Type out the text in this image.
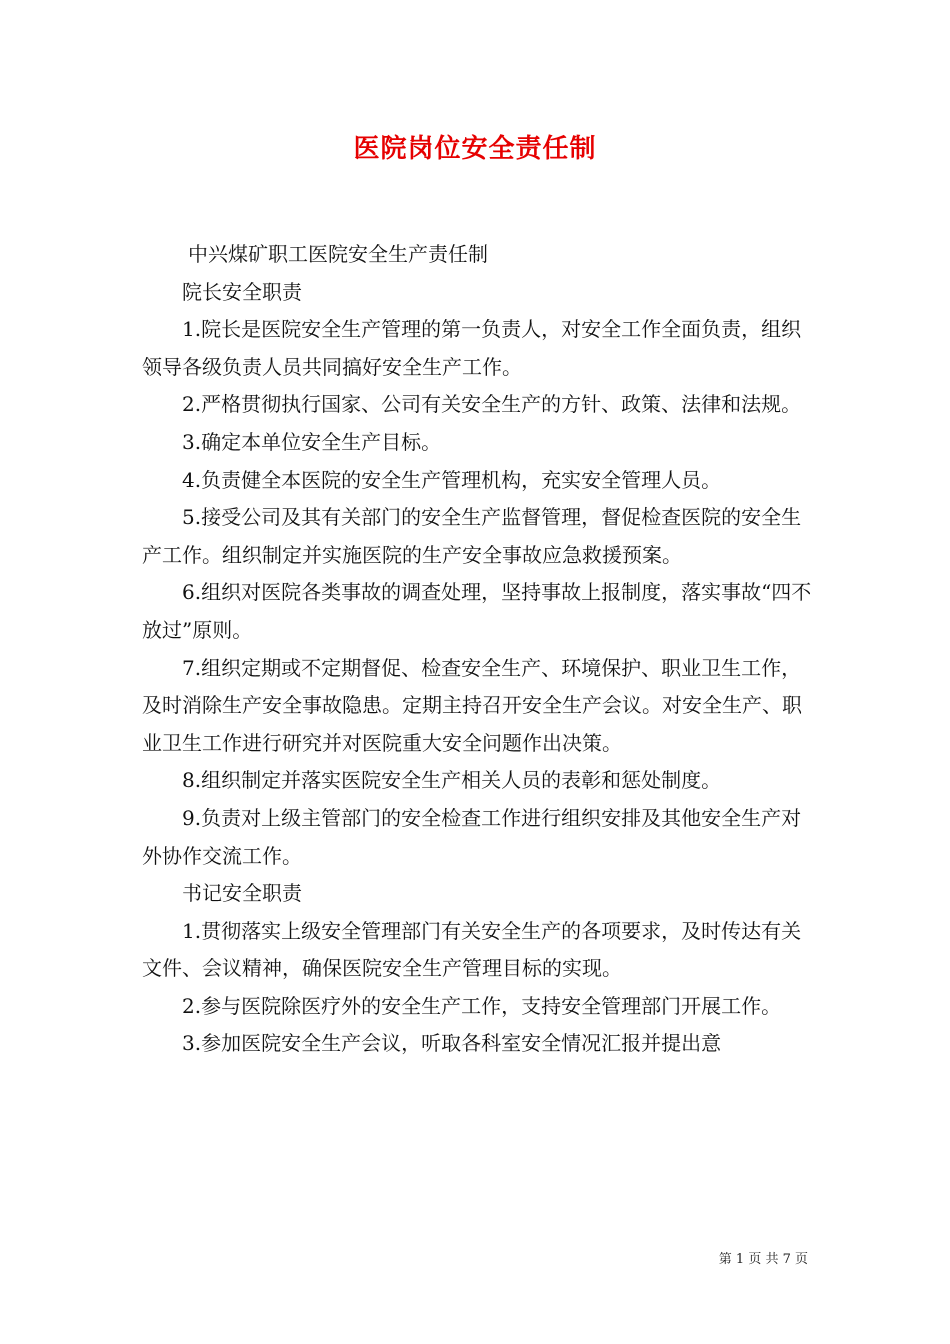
医院岗位安全责任制

中兴煤矿职工医院安全生产责任制

院长安全职责

1.院长是医院安全生产管理的第一负责人，对安全工作全面负责，组织领导各级负责人员共同搞好安全生产工作。

2.严格贯彻执行国家、公司有关安全生产的方针、政策、法律和法规。

3.确定本单位安全生产目标。

4.负责健全本医院的安全生产管理机构，充实安全管理人员。

5.接受公司及其有关部门的安全生产监督管理，督促检查医院的安全生产工作。组织制定并实施医院的生产安全事故应急救援预案。

6.组织对医院各类事故的调查处理，坚持事故上报制度，落实事故“四不放过”原则。

7.组织定期或不定期督促、检查安全生产、环境保护、职业卫生工作，及时消除生产安全事故隐患。定期主持召开安全生产会议。对安全生产、职业卫生工作进行研究并对医院重大安全问题作出决策。

8.组织制定并落实医院安全生产相关人员的表彰和惩处制度。

9.负责对上级主管部门的安全检查工作进行组织安排及其他安全生产对外协作交流工作。

书记安全职责

1.贯彻落实上级安全管理部门有关安全生产的各项要求，及时传达有关文件、会议精神，确保医院安全生产管理目标的实现。

2.参与医院除医疗外的安全生产工作，支持安全管理部门开展工作。

3.参加医院安全生产会议，听取各科室安全情况汇报并提出意

第 1 页 共 7 页
